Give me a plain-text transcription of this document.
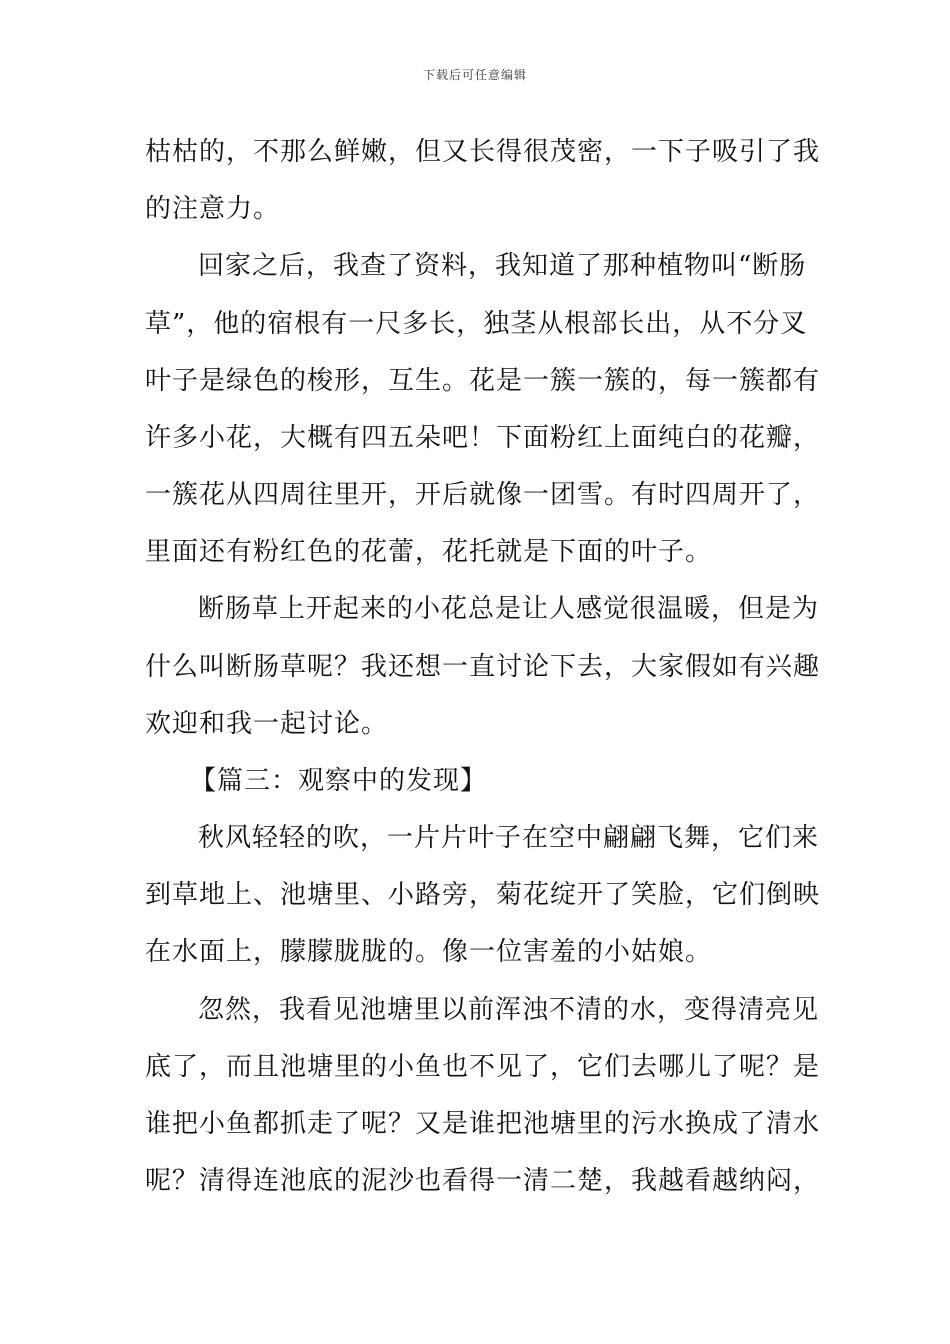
下载后可任意编辑
枯枯的，不那么鲜嫩，但又长得很茂密，一下子吸引了我
的注意力。
回家之后，我查了资料，我知道了那种植物叫“断肠
草”，他的宿根有一尺多长，独茎从根部长出，从不分叉
叶子是绿色的梭形，互生。花是一簇一簇的，每一簇都有
许多小花，大概有四五朵吧！下面粉红上面纯白的花瓣，
一簇花从四周往里开，开后就像一团雪。有时四周开了，
里面还有粉红色的花蕾，花托就是下面的叶子。
断肠草上开起来的小花总是让人感觉很温暖，但是为
什么叫断肠草呢？我还想一直讨论下去，大家假如有兴趣
欢迎和我一起讨论。
【篇三：观察中的发现】
秋风轻轻的吹，一片片叶子在空中翩翩飞舞，它们来
到草地上、池塘里、小路旁，菊花绽开了笑脸，它们倒映
在水面上，朦朦胧胧的。像一位害羞的小姑娘。
忽然，我看见池塘里以前浑浊不清的水，变得清亮见
底了，而且池塘里的小鱼也不见了，它们去哪儿了呢？是
谁把小鱼都抓走了呢？又是谁把池塘里的污水换成了清水
呢？清得连池底的泥沙也看得一清二楚，我越看越纳闷，
